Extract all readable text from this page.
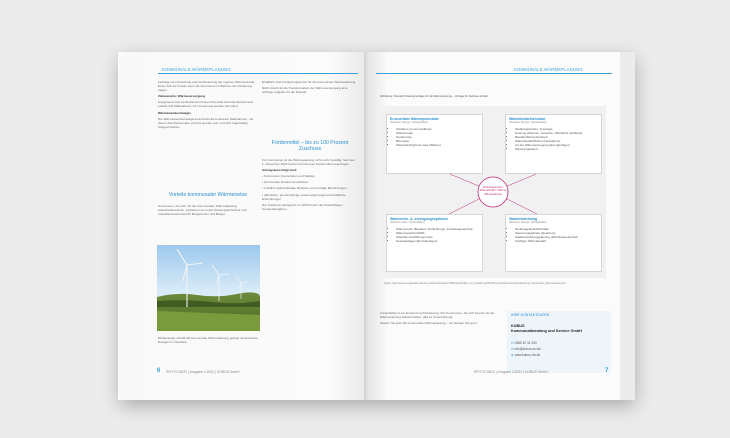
KOMMUNALE WÄRMEPLANUNG

berträge zur Umsetzung und Verbesserung der eigenen Wärmewende. Einen Teil der Kosten kann die Kommune im Rahmen der Förderung tragen.

Zielszenario: Wärmeversorgung

Ausgehend vom Ist-Zustand und dem Potenzial wird das Zielszenario erstellt und Maßnahmen zur Umsetzung werden formuliert.

Wärmewendestrategie

Die Wärmewendestrategie beschreibt die konkreten Maßnahmen, mit denen das Zielszenario erreicht werden soll, und wird regelmäßig fortgeschrieben.

Vorteile kommunaler Wärmenetze

Kommunen, die sich mit der kommunalen Wärmeplanung auseinandersetzen, profitieren von mehr Planungssicherheit und Investitionssicherheit für Bürgerinnen und Bürger.

Windenergie schafft die kommunale Wärmeplanung gelingt. Erneuerbare Energie im Überblick.

Erhältlich sind Förderprogramme für die kommunale Wärmeplanung.

Nicht zuletzt ist die Transformation der Wärmeversorgung eine wichtige Aufgabe für die Zukunft.

Fördermittel – bis zu 100 Prozent Zuschuss

Für Kommunen ist die Wärmeplanung nicht mehr freiwillig. Seit dem 1. November 2022 können Kommunen Fördermittel beantragen.

Antragsberechtigt sind:

• Kommunen (Gemeinden und Städte)

• kommunale Zusammenschlüsse

• rechtlich selbstständige Betriebe und sonstige Einrichtungen

• öffentliche, gemeinnützige sowie religionsgemeinschaftliche Einrichtungen

Der Zuschuss beträgt bis zu 100 Prozent der förderfähigen Gesamtausgaben.

6 SPOTS 08/22 | Ausgabe 4.2022 | KOBUS GmbH
KOMMUNALE WÄRMEPLANUNG
Abbildung: Übersicht Datengrundlage für die Wärmeplanung – Vorlage für Sachsen-Anhalt
Verteilungsnetze / Wärmebedarf / Wärme Wärmeplanung
Erneuerbare Wärmepotenziale
(Standort, Menge, Verfügbarkeit)
• Abwärme (unvermeidbare)
• Solarenergie
• Geothermie
• Biomasse
• Wasserkraft/grünes Gas (Wärme)
Wärmebedarfsstruktur
(Standort, Menge, Verfügbarkeit)
• Siedlungsstruktur, Typologie
• Nutzung (Wohnen, Gewerbe, öffentliche Gebäude)
• Baualter/Dämmstandard
• Wärmebedarf/Dichte (Heizwärme)
• Art der Wärmeerzeugung (Energieträger)
• Sanierungsstand
Wärmenetz- & -erzeugungsoptionen
(Standort, Netz, Systemdaten)
• Wärmenetze (Bestand, Verdichtungs- & Ausbaupotenzial)
• Wärmespeicher/KWK
• Solarthermie/Wärmepumpe
• Kesselanlagen (Einzelanlagen)
Stadtentwicklung
(Standort, Menge, Verfügbarkeit)
• Neubaugebiete/Wohnbau
• Sanierungsgebiete (Quartiere)
• Stadtentwicklungsplanung (Wohnbaupotenzial)
• Künftiger Wärmebedarf
Quelle: https://www.energieatlas.sachsen-anhalt.de/fileadmin/ Bibliothek/Politik_und_Verwaltung/MWU/Energie/Dokumente/Handreichung_Kommunale_Wärmeplanung.pdf

Förderfähig ist ein Anspruch auf Förderung. Für Kommunen, die sich bereits mit der Wärmeplanung befasst haben, gibt es Unterstützung.

Starten Sie jetzt die kommunale Wärmeplanung – wir beraten Sie gern.

IHRE KONTAKTDATEN
KUBUS
Kommunalberatung und Service GmbH
✆ 0385 30 31-250
✉ info@kubus-mv.de
⊕ www.kubus-mv.de
SPOTS 08/22 | Ausgabe 4.2022 | KOBUS GmbH	7
